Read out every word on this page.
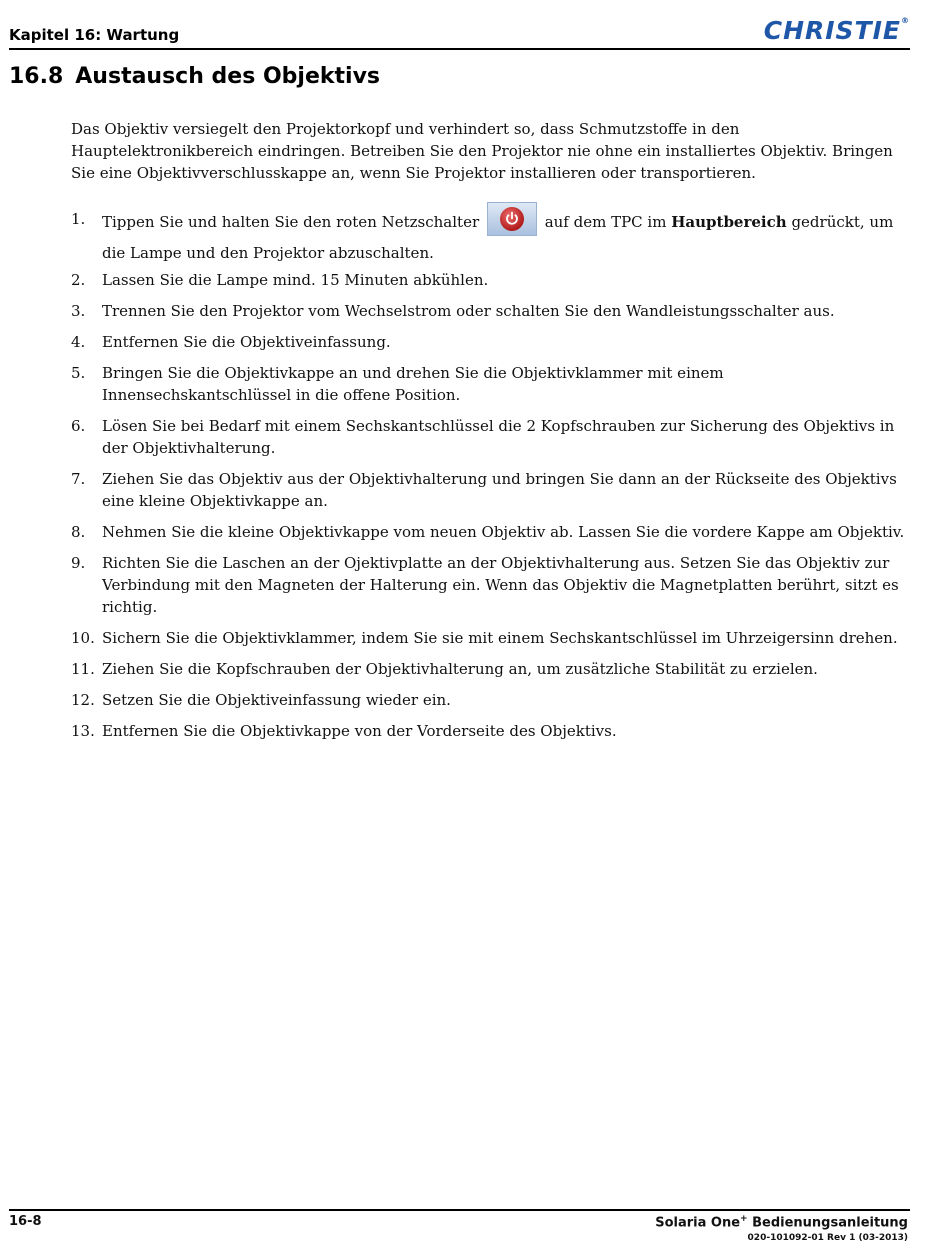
Kapitel 16: Wartung	CHRISTIE®
16.8 Austausch des Objektivs

Das Objektiv versiegelt den Projektorkopf und verhindert so, dass Schmutzstoffe in den Hauptelektronikbereich eindringen. Betreiben Sie den Projektor nie ohne ein installiertes Objektiv. Bringen Sie eine Objektivverschlusskappe an, wenn Sie Projektor installieren oder transportieren.

1. Tippen Sie und halten Sie den roten Netzschalter	auf dem TPC im Hauptbereich gedrückt, um die Lampe und den Projektor abzuschalten.
2. Lassen Sie die Lampe mind. 15 Minuten abkühlen.
3. Trennen Sie den Projektor vom Wechselstrom oder schalten Sie den Wandleistungsschalter aus.
4. Entfernen Sie die Objektiveinfassung.
5. Bringen Sie die Objektivkappe an und drehen Sie die Objektivklammer mit einem Innensechskantschlüssel in die offene Position.
6. Lösen Sie bei Bedarf mit einem Sechskantschlüssel die 2 Kopfschrauben zur Sicherung des Objektivs in der Objektivhalterung.
7. Ziehen Sie das Objektiv aus der Objektivhalterung und bringen Sie dann an der Rückseite des Objektivs eine kleine Objektivkappe an.
8. Nehmen Sie die kleine Objektivkappe vom neuen Objektiv ab. Lassen Sie die vordere Kappe am Objektiv.
9. Richten Sie die Laschen an der Ojektivplatte an der Objektivhalterung aus. Setzen Sie das Objektiv zur Verbindung mit den Magneten der Halterung ein. Wenn das Objektiv die Magnetplatten berührt, sitzt es richtig.
10. Sichern Sie die Objektivklammer, indem Sie sie mit einem Sechskantschlüssel im Uhrzeigersinn drehen.
11. Ziehen Sie die Kopfschrauben der Objektivhalterung an, um zusätzliche Stabilität zu erzielen.
12. Setzen Sie die Objektiveinfassung wieder ein.
13. Entfernen Sie die Objektivkappe von der Vorderseite des Objektivs.
16-8	Solaria One+ Bedienungsanleitung
020-101092-01 Rev 1 (03-2013)
